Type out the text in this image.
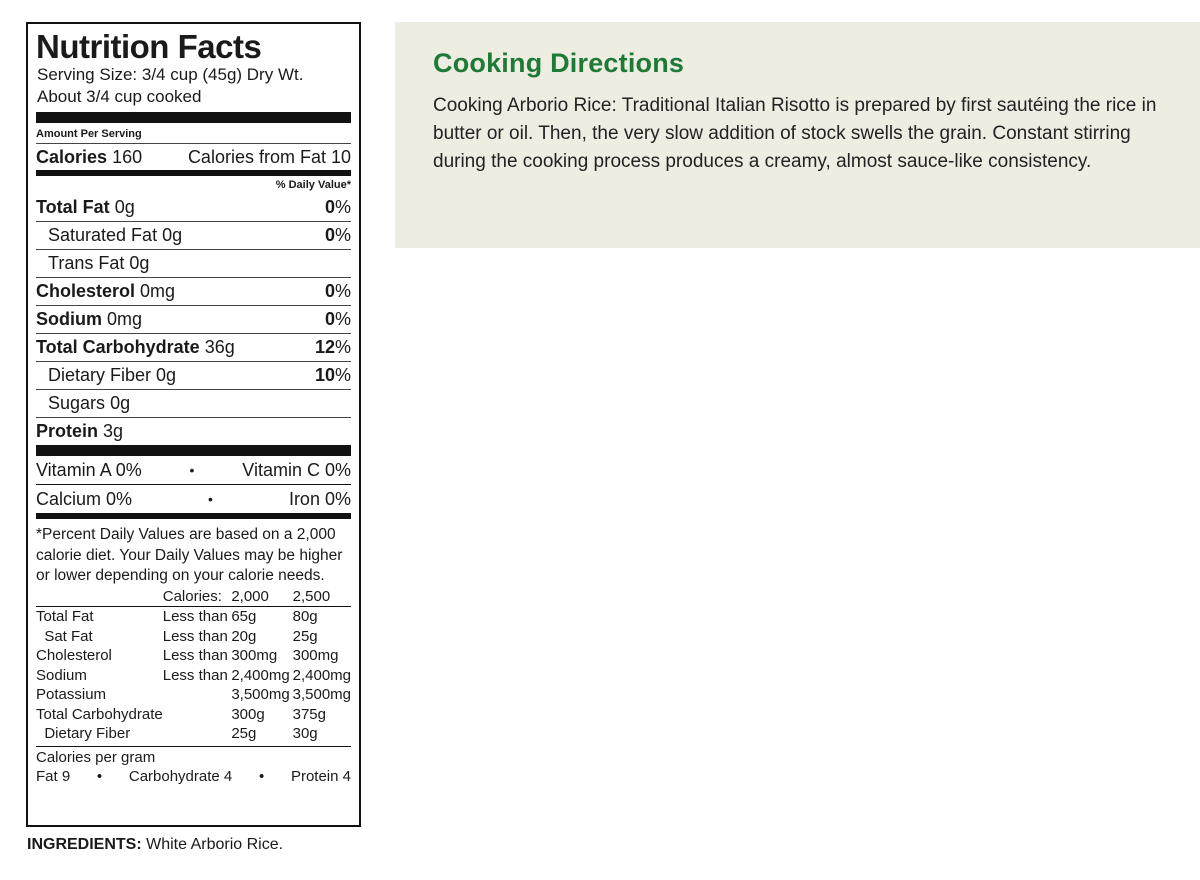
Nutrition Facts
Serving Size: 3/4 cup (45g) Dry Wt.
About 3/4 cup cooked
Amount Per Serving
Calories 160	Calories from Fat 10
% Daily Value*
Total Fat 0g	0%
Saturated Fat 0g	0%
Trans Fat 0g
Cholesterol 0mg	0%
Sodium 0mg	0%
Total Carbohydrate 36g	12%
Dietary Fiber 0g	10%
Sugars 0g
Protein 3g
Vitamin A 0%	•	Vitamin C 0%
Calcium 0%	•	Iron 0%
*Percent Daily Values are based on a 2,000 calorie diet. Your Daily Values may be higher or lower depending on your calorie needs.
	Calories:	2,000	2,500
Total Fat	Less than	65g	80g
Sat Fat	Less than	20g	25g
Cholesterol	Less than	300mg	300mg
Sodium	Less than	2,400mg	2,400mg
Potassium		3,500mg	3,500mg
Total Carbohydrate		300g	375g
Dietary Fiber		25g	30g
Calories per gram
Fat 9 • Carbohydrate 4 • Protein 4
INGREDIENTS: White Arborio Rice.
Cooking Directions

Cooking Arborio Rice: Traditional Italian Risotto is prepared by first sautéing the rice in butter or oil. Then, the very slow addition of stock swells the grain. Constant stirring during the cooking process produces a creamy, almost sauce-like consistency.
